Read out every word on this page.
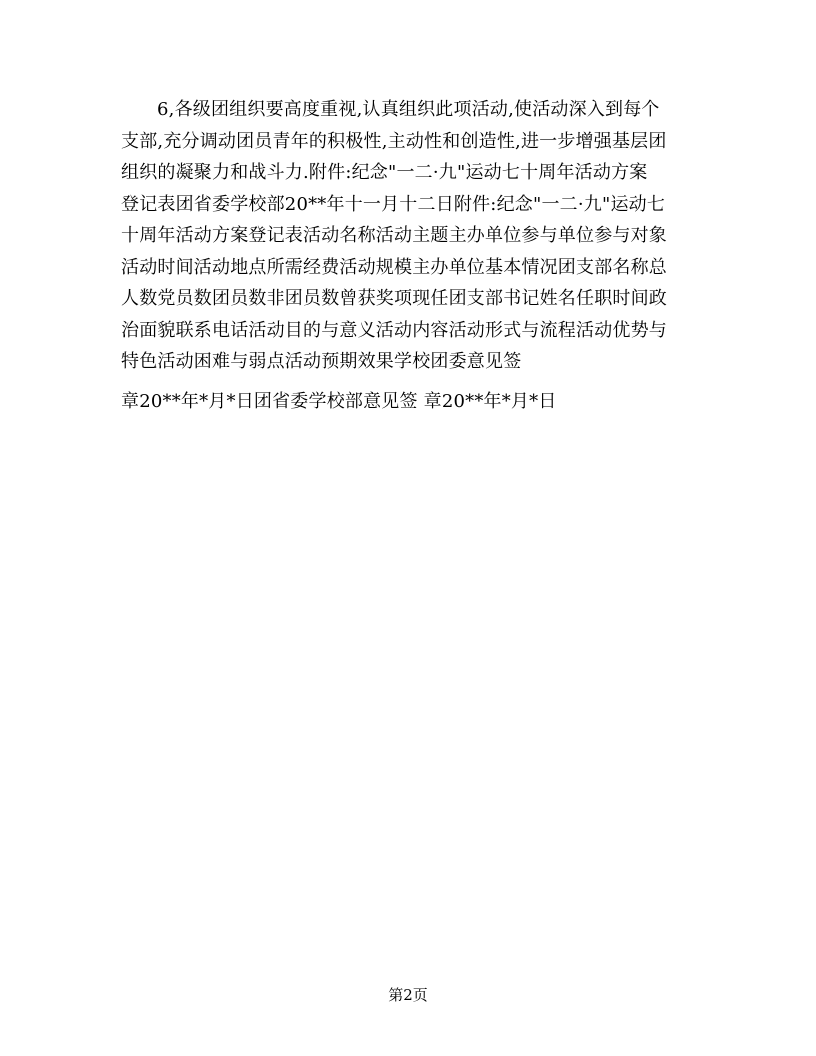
6,各级团组织要高度重视,认真组织此项活动,使活动深入到每个
支部,充分调动团员青年的积极性,主动性和创造性,进一步增强基层团
组织的凝聚力和战斗力.附件:纪念"一二·九"运动七十周年活动方案
登记表团省委学校部20**年十一月十二日附件:纪念"一二·九"运动七
十周年活动方案登记表活动名称活动主题主办单位参与单位参与对象
活动时间活动地点所需经费活动规模主办单位基本情况团支部名称总
人数党员数团员数非团员数曾获奖项现任团支部书记姓名任职时间政
治面貌联系电话活动目的与意义活动内容活动形式与流程活动优势与
特色活动困难与弱点活动预期效果学校团委意见签
章20**年*月*日团省委学校部意见签 章20**年*月*日

第2页
